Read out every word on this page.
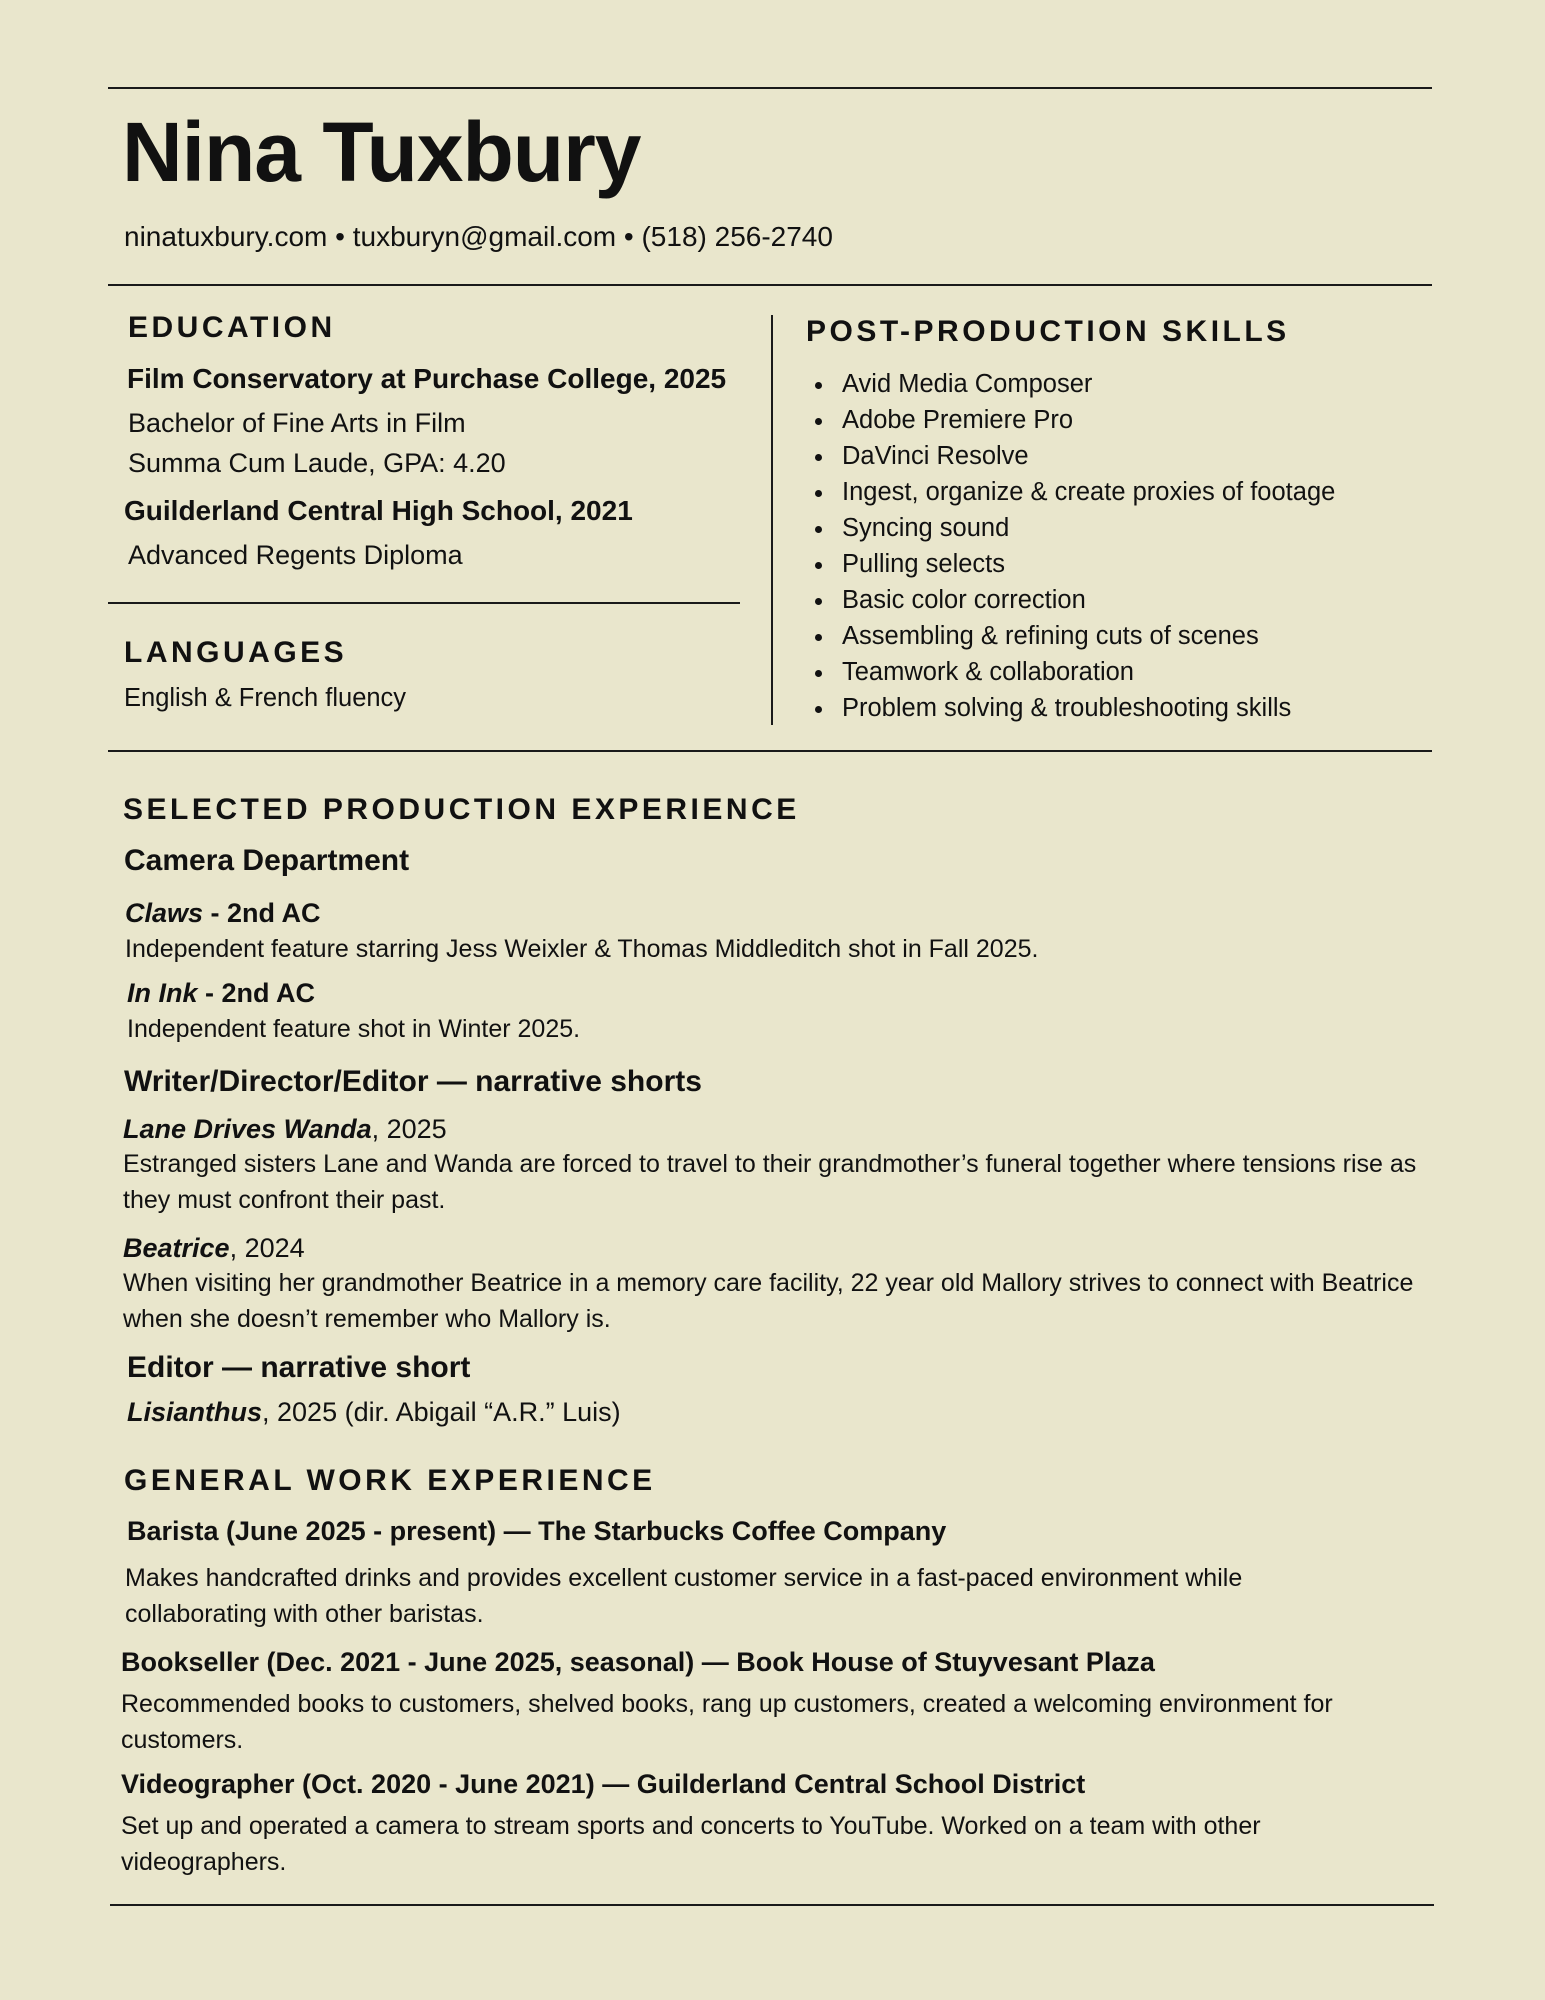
Nina Tuxbury
ninatuxbury.com • tuxburyn@gmail.com • (518) 256-2740
EDUCATION
Film Conservatory at Purchase College, 2025
Bachelor of Fine Arts in Film
Summa Cum Laude, GPA: 4.20
Guilderland Central High School, 2021
Advanced Regents Diploma
LANGUAGES
English & French fluency
POST-PRODUCTION SKILLS
• Avid Media Composer
• Adobe Premiere Pro
• DaVinci Resolve
• Ingest, organize & create proxies of footage
• Syncing sound
• Pulling selects
• Basic color correction
• Assembling & refining cuts of scenes
• Teamwork & collaboration
• Problem solving & troubleshooting skills
SELECTED PRODUCTION EXPERIENCE
Camera Department
Claws - 2nd AC
Independent feature starring Jess Weixler & Thomas Middleditch shot in Fall 2025.
In Ink - 2nd AC
Independent feature shot in Winter 2025.
Writer/Director/Editor — narrative shorts
Lane Drives Wanda, 2025
Estranged sisters Lane and Wanda are forced to travel to their grandmother’s funeral together where tensions rise as they must confront their past.
Beatrice, 2024
When visiting her grandmother Beatrice in a memory care facility, 22 year old Mallory strives to connect with Beatrice when she doesn’t remember who Mallory is.
Editor — narrative short
Lisianthus, 2025 (dir. Abigail “A.R.” Luis)
GENERAL WORK EXPERIENCE
Barista (June 2025 - present) — The Starbucks Coffee Company
Makes handcrafted drinks and provides excellent customer service in a fast-paced environment while collaborating with other baristas.
Bookseller (Dec. 2021 - June 2025, seasonal) — Book House of Stuyvesant Plaza
Recommended books to customers, shelved books, rang up customers, created a welcoming environment for customers.
Videographer (Oct. 2020 - June 2021) — Guilderland Central School District
Set up and operated a camera to stream sports and concerts to YouTube. Worked on a team with other videographers.
